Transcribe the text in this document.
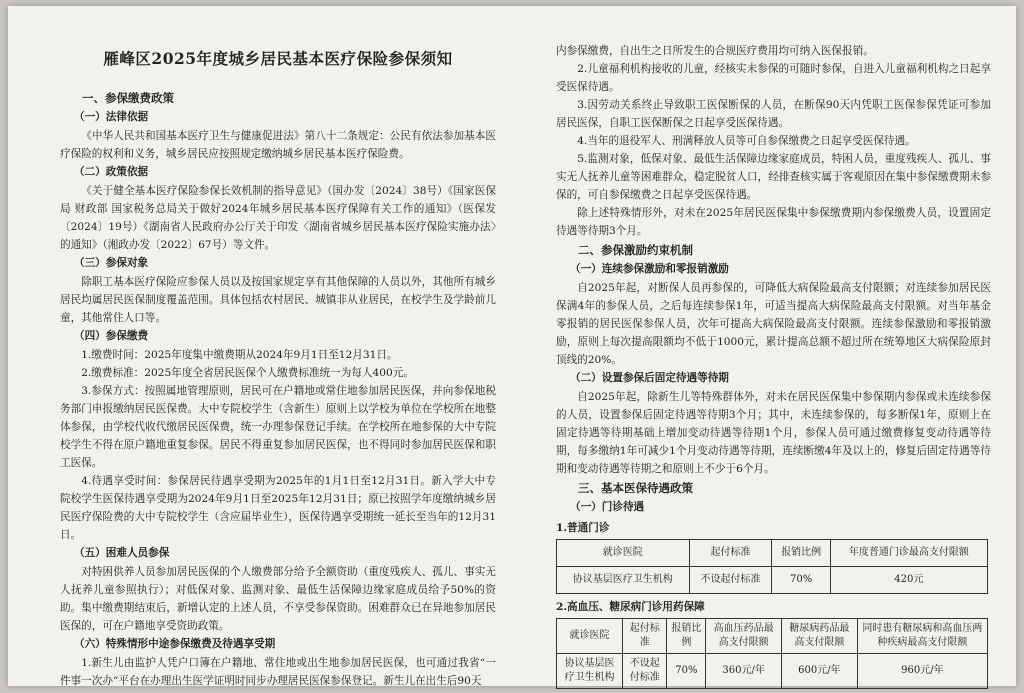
雁峰区2025年度城乡居民基本医疗保险参保须知

一、参保缴费政策

（一）法律依据

《中华人民共和国基本医疗卫生与健康促进法》第八十二条规定：公民有依法参加基本医疗保险的权利和义务，城乡居民应按照规定缴纳城乡居民基本医疗保险费。

（二）政策依据

《关于健全基本医疗保险参保长效机制的指导意见》（国办发〔2024〕38号）《国家医保局 财政部 国家税务总局关于做好2024年城乡居民基本医疗保障有关工作的通知》（医保发〔2024〕19号）《湖南省人民政府办公厅关于印发〈湖南省城乡居民基本医疗保险实施办法〉的通知》（湘政办发〔2022〕67号）等文件。

（三）参保对象

除职工基本医疗保险应参保人员以及按国家规定享有其他保障的人员以外，其他所有城乡居民均属居民医保制度覆盖范围。具体包括农村居民、城镇非从业居民，在校学生及学龄前儿童，其他常住人口等。

（四）参保缴费

1.缴费时间：2025年度集中缴费期从2024年9月1日至12月31日。

2.缴费标准：2025年度全省居民医保个人缴费标准统一为每人400元。

3.参保方式：按照属地管理原则，居民可在户籍地或常住地参加居民医保，并向参保地税务部门申报缴纳居民医保费。大中专院校学生（含新生）原则上以学校为单位在学校所在地整体参保，由学校代收代缴居民医保费，统一办理参保登记手续。在学校所在地参保的大中专院校学生不得在原户籍地重复参保。居民不得重复参加居民医保，也不得同时参加居民医保和职工医保。

4.待遇享受时间：参保居民待遇享受期为2025年的1月1日至12月31日。新入学大中专院校学生医保待遇享受期为2024年9月1日至2025年12月31日；原已按照学年度缴纳城乡居民医疗保险费的大中专院校学生（含应届毕业生），医保待遇享受期统一延长至当年的12月31日。

（五）困难人员参保

对特困供养人员参加居民医保的个人缴费部分给予全额资助（重度残疾人、孤儿、事实无人抚养儿童参照执行）；对低保对象、监测对象、最低生活保障边缘家庭成员给予50%的资助。集中缴费期结束后，新增认定的上述人员，不享受参保资助。困难群众已在异地参加居民医保的，可在户籍地享受资助政策。

（六）特殊情形中途参保缴费及待遇享受期

1.新生儿由监护人凭户口簿在户籍地、常住地或出生地参加居民医保，也可通过我省“一件事一次办”平台在办理出生医学证明时同步办理居民医保参保登记。新生儿在出生后90天

内参保缴费，自出生之日所发生的合规医疗费用均可纳入医保报销。

2.儿童福利机构接收的儿童，经核实未参保的可随时参保，自进入儿童福利机构之日起享受医保待遇。

3.因劳动关系终止导致职工医保断保的人员，在断保90天内凭职工医保参保凭证可参加居民医保，自职工医保断保之日起享受医保待遇。

4.当年的退役军人、刑满释放人员等可自参保缴费之日起享受医保待遇。

5.监测对象，低保对象、最低生活保障边缘家庭成员，特困人员，重度残疾人、孤儿、事实无人抚养儿童等困难群众，稳定脱贫人口，经排查核实属于客观原因在集中参保缴费期未参保的，可自参保缴费之日起享受医保待遇。

除上述特殊情形外，对未在2025年居民医保集中参保缴费期内参保缴费人员，设置固定待遇等待期3个月。

二、参保激励约束机制

（一）连续参保激励和零报销激励

自2025年起，对断保人员再参保的，可降低大病保险最高支付限额；对连续参加居民医保满4年的参保人员，之后每连续参保1年，可适当提高大病保险最高支付限额。对当年基金零报销的居民医保参保人员，次年可提高大病保险最高支付限额。连续参保激励和零报销激励，原则上每次提高限额均不低于1000元，累计提高总额不超过所在统筹地区大病保险原封顶线的20%。

（二）设置参保后固定待遇等待期

自2025年起，除新生儿等特殊群体外，对未在居民医保集中参保期内参保或未连续参保的人员，设置参保后固定待遇等待期3个月；其中，未连续参保的，每多断保1年，原则上在固定待遇等待期基础上增加变动待遇等待期1个月，参保人员可通过缴费修复变动待遇等待期，每多缴纳1年可减少1个月变动待遇等待期，连续断缴4年及以上的，修复后固定待遇等待期和变动待遇等待期之和原则上不少于6个月。

三、基本医保待遇政策

（一）门诊待遇

1.普通门诊

就诊医院	起付标准	报销比例	年度普通门诊最高支付限额
协议基层医疗卫生机构	不设起付标准	70%	420元

2.高血压、糖尿病门诊用药保障

就诊医院	起付标准	报销比例	高血压药品最高支付限额	糖尿病药品最高支付限额	同时患有糖尿病和高血压两种疾病最高支付限额
协议基层医疗卫生机构	不设起付标准	70%	360元/年	600元/年	960元/年
